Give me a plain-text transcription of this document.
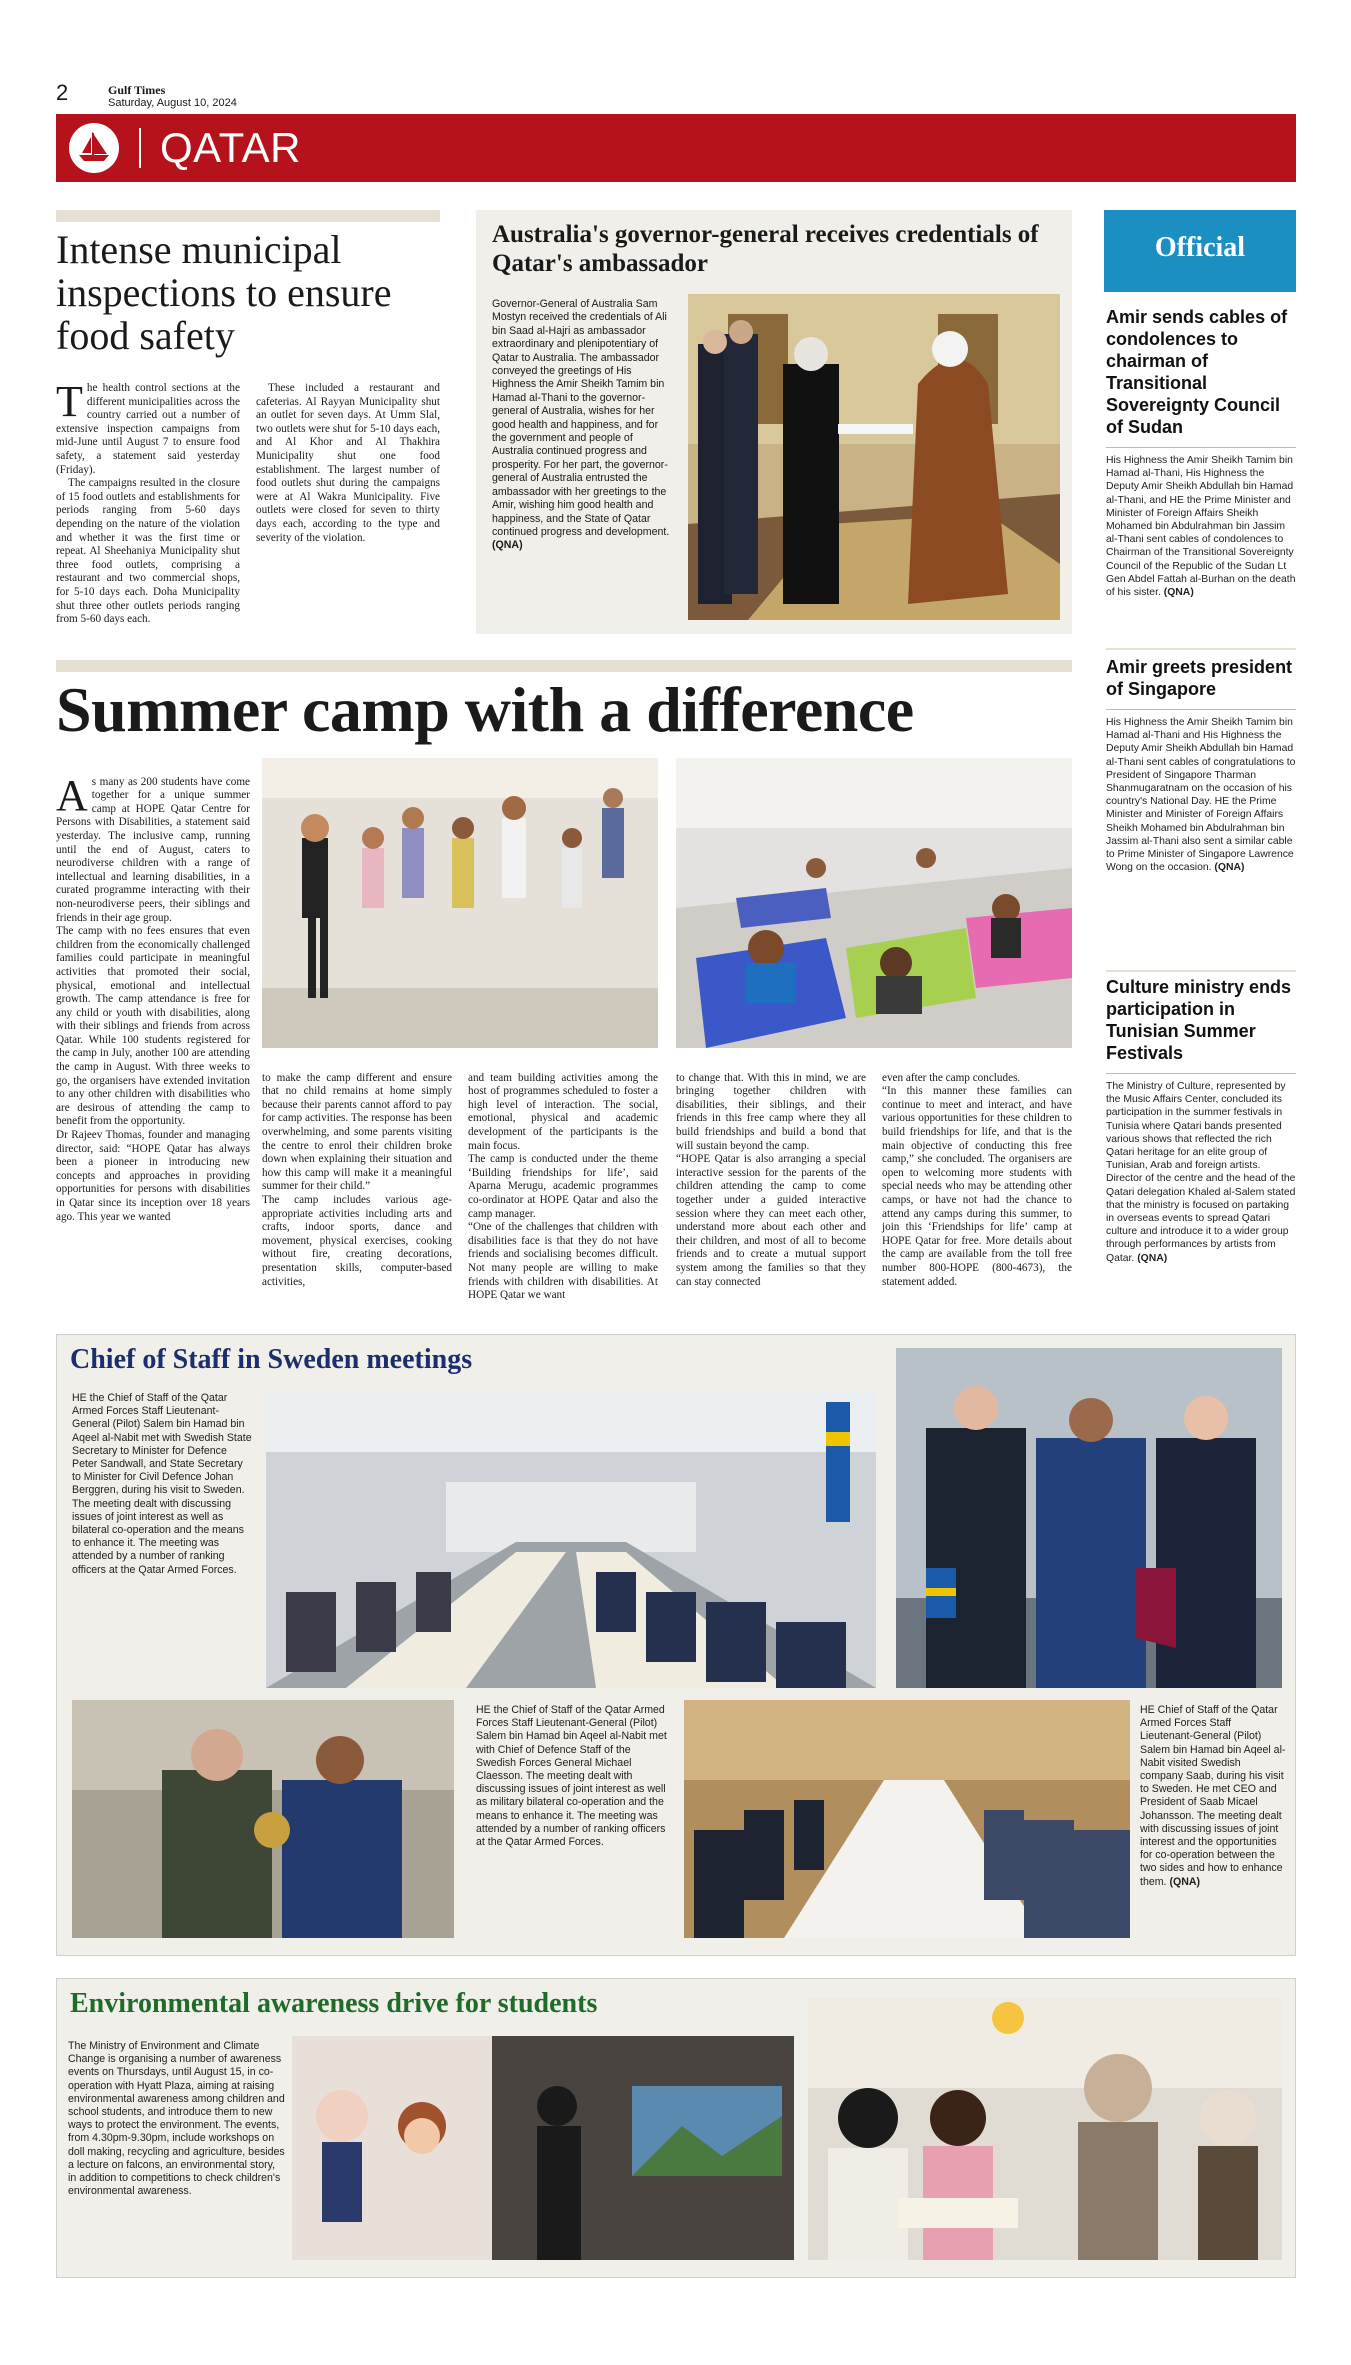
2	Gulf Times
Saturday, August 10, 2024
QATAR
Intense municipal inspections to ensure food safety

The health control sections at the different municipalities across the country carried out a number of extensive inspection campaigns from mid-June until August 7 to ensure food safety, a statement said yesterday (Friday).

The campaigns resulted in the closure of 15 food outlets and establishments for periods ranging from 5-60 days depending on the nature of the violation and whether it was the first time or repeat. Al Sheehaniya Municipality shut three food outlets, comprising a restaurant and two commercial shops, for 5-10 days each. Doha Municipality shut three other outlets periods ranging from 5-60 days each.

These included a restaurant and cafeterias. Al Rayyan Municipality shut an outlet for seven days. At Umm Slal, two outlets were shut for 5-10 days each, and Al Khor and Al Thakhira Municipality shut one food establishment. The largest number of food outlets shut during the campaigns were at Al Wakra Municipality. Five outlets were closed for seven to thirty days each, according to the type and severity of the violation.

Australia's governor-general receives credentials of Qatar's ambassador
Governor-General of Australia Sam Mostyn received the credentials of Ali bin Saad al-Hajri as ambassador extraordinary and plenipotentiary of Qatar to Australia. The ambassador conveyed the greetings of His Highness the Amir Sheikh Tamim bin Hamad al-Thani to the governor-general of Australia, wishes for her good health and happiness, and for the government and people of Australia continued progress and prosperity. For her part, the governor-general of Australia entrusted the ambassador with her greetings to the Amir, wishing him good health and happiness, and the State of Qatar continued progress and development. (QNA)
Official
Amir sends cables of condolences to chairman of Transitional Sovereignty Council of Sudan

His Highness the Amir Sheikh Tamim bin Hamad al-Thani, His Highness the Deputy Amir Sheikh Abdullah bin Hamad al-Thani, and HE the Prime Minister and Minister of Foreign Affairs Sheikh Mohamed bin Abdulrahman bin Jassim al-Thani sent cables of condolences to Chairman of the Transitional Sovereignty Council of the Republic of the Sudan Lt Gen Abdel Fattah al-Burhan on the death of his sister. (QNA)

Amir greets president of Singapore

His Highness the Amir Sheikh Tamim bin Hamad al-Thani and His Highness the Deputy Amir Sheikh Abdullah bin Hamad al-Thani sent cables of congratulations to President of Singapore Tharman Shanmugaratnam on the occasion of his country's National Day. HE the Prime Minister and Minister of Foreign Affairs Sheikh Mohamed bin Abdulrahman bin Jassim al-Thani also sent a similar cable to Prime Minister of Singapore Lawrence Wong on the occasion. (QNA)

Culture ministry ends participation in Tunisian Summer Festivals

The Ministry of Culture, represented by the Music Affairs Center, concluded its participation in the summer festivals in Tunisia where Qatari bands presented various shows that reflected the rich Qatari heritage for an elite group of Tunisian, Arab and foreign artists. Director of the centre and the head of the Qatari delegation Khaled al-Salem stated that the ministry is focused on partaking in overseas events to spread Qatari culture and introduce it to a wider group through performances by artists from Qatar. (QNA)

Summer camp with a difference

As many as 200 students have come together for a unique summer camp at HOPE Qatar Centre for Persons with Disabilities, a statement said yesterday. The inclusive camp, running until the end of August, caters to neurodiverse children with a range of intellectual and learning disabilities, in a curated programme interacting with their non-neurodiverse peers, their siblings and friends in their age group.
The camp with no fees ensures that even children from the economically challenged families could participate in meaningful activities that promoted their social, physical, emotional and intellectual growth. The camp attendance is free for any child or youth with disabilities, along with their siblings and friends from across Qatar. While 100 students registered for the camp in July, another 100 are attending the camp in August. With three weeks to go, the organisers have extended invitation to any other children with disabilities who are desirous of attending the camp to benefit from the opportunity.
Dr Rajeev Thomas, founder and managing director, said: “HOPE Qatar has always been a pioneer in introducing new concepts and approaches in providing opportunities for persons with disabilities in Qatar since its inception over 18 years ago. This year we wanted

to make the camp different and ensure that no child remains at home simply because their parents cannot afford to pay for camp activities. The response has been overwhelming, and some parents visiting the centre to enrol their children broke down when explaining their situation and how this camp will make it a meaningful summer for their child.”
The camp includes various age-appropriate activities including arts and crafts, indoor sports, dance and movement, physical exercises, cooking without fire, creating decorations, presentation skills, computer-based activities,

and team building activities among the host of programmes scheduled to foster a high level of interaction. The social, emotional, physical and academic development of the participants is the main focus.
The camp is conducted under the theme ‘Building friendships for life’, said Aparna Merugu, academic programmes co-ordinator at HOPE Qatar and also the camp manager.
“One of the challenges that children with disabilities face is that they do not have friends and socialising becomes difficult. Not many people are willing to make friends with children with disabilities. At HOPE Qatar we want

to change that. With this in mind, we are bringing together children with disabilities, their siblings, and their friends in this free camp where they all build friendships and build a bond that will sustain beyond the camp.
“HOPE Qatar is also arranging a special interactive session for the parents of the children attending the camp to come together under a guided interactive session where they can meet each other, understand more about each other and their children, and most of all to become friends and to create a mutual support system among the families so that they can stay connected

even after the camp concludes.
“In this manner these families can continue to meet and interact, and have various opportunities for these children to build friendships for life, and that is the main objective of conducting this free camp,” she concluded. The organisers are open to welcoming more students with special needs who may be attending other camps, or have not had the chance to attend any camps during this summer, to join this ‘Friendships for life’ camp at HOPE Qatar for free. More details about the camp are available from the toll free number 800-HOPE (800-4673), the statement added.

Chief of Staff in Sweden meetings
HE the Chief of Staff of the Qatar Armed Forces Staff Lieutenant-General (Pilot) Salem bin Hamad bin Aqeel al-Nabit met with Swedish State Secretary to Minister for Defence Peter Sandwall, and State Secretary to Minister for Civil Defence Johan Berggren, during his visit to Sweden. The meeting dealt with discussing issues of joint interest as well as bilateral co-operation and the means to enhance it. The meeting was attended by a number of ranking officers at the Qatar Armed Forces.
HE the Chief of Staff of the Qatar Armed Forces Staff Lieutenant-General (Pilot) Salem bin Hamad bin Aqeel al-Nabit met with Chief of Defence Staff of the Swedish Forces General Michael Claesson. The meeting dealt with discussing issues of joint interest as well as military bilateral co-operation and the means to enhance it. The meeting was attended by a number of ranking officers at the Qatar Armed Forces.
HE Chief of Staff of the Qatar Armed Forces Staff Lieutenant-General (Pilot) Salem bin Hamad bin Aqeel al-Nabit visited Swedish company Saab, during his visit to Sweden. He met CEO and President of Saab Micael Johansson. The meeting dealt with discussing issues of joint interest and the opportunities for co-operation between the two sides and how to enhance them. (QNA)
Environmental awareness drive for students
The Ministry of Environment and Climate Change is organising a number of awareness events on Thursdays, until August 15, in co-operation with Hyatt Plaza, aiming at raising environmental awareness among children and school students, and introduce them to new ways to protect the environment. The events, from 4.30pm-9.30pm, include workshops on doll making, recycling and agriculture, besides a lecture on falcons, an environmental story, in addition to competitions to check children's environmental awareness.
